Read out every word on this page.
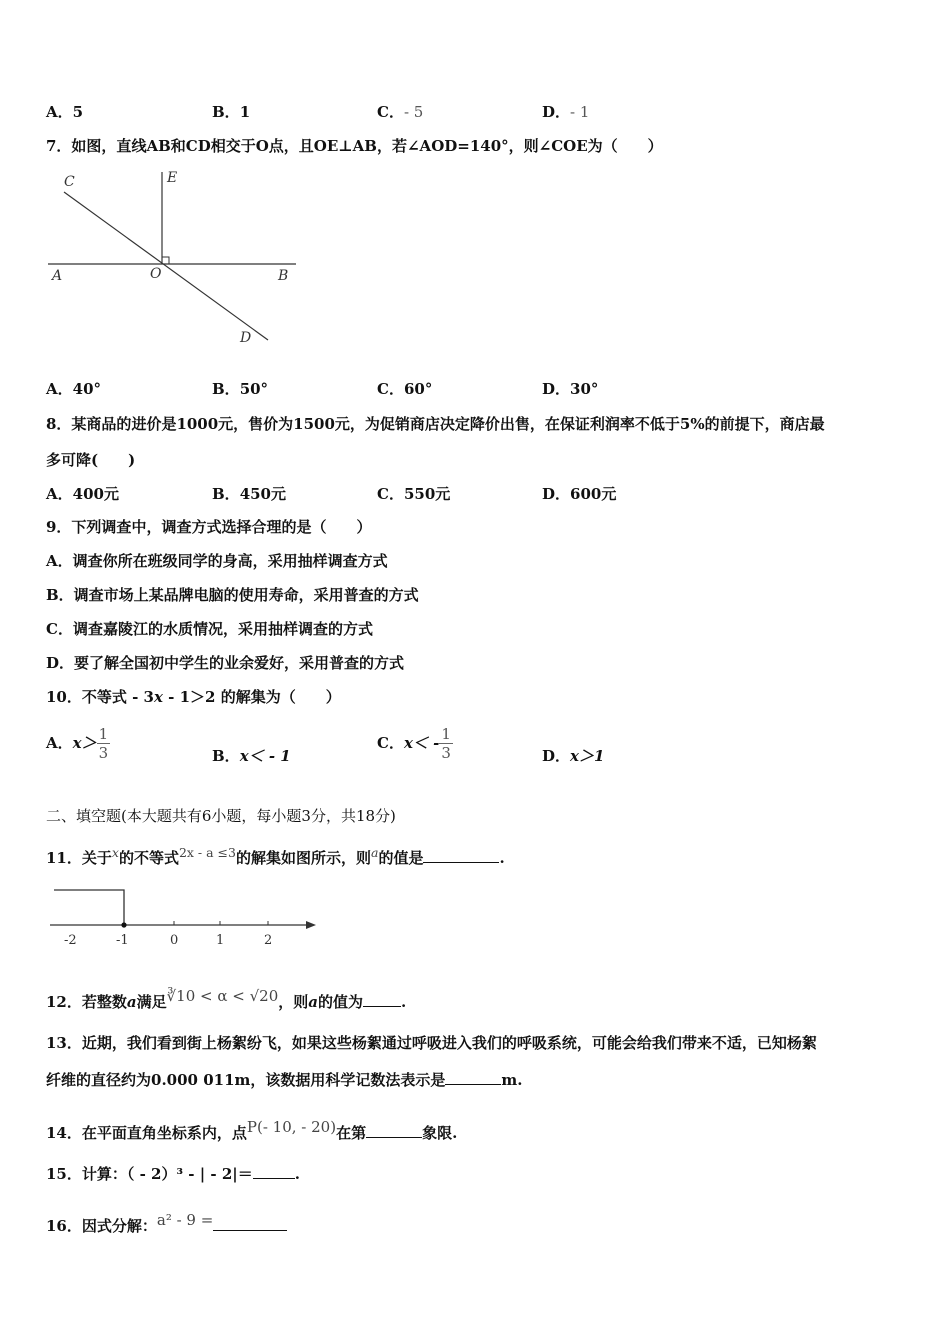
A．5	B．1	C．- 5	D．- 1
7．如图，直线AB和CD相交于O点，且OE⊥AB，若∠AOD=140°，则∠COE为（　　）
C	E
A	O	B
D
A．40°	B．50°	C．60°	D．30°
8．某商品的进价是1000元，售价为1500元，为促销商店决定降价出售，在保证利润率不低于5%的前提下，商店最
多可降(　　)
A．400元	B．450元	C．550元	D．600元
9．下列调查中，调查方式选择合理的是（　　）
A．调查你所在班级同学的身高，采用抽样调查方式
B．调查市场上某品牌电脑的使用寿命，采用普查的方式
C．调查嘉陵江的水质情况，采用抽样调查的方式
D．要了解全国初中学生的业余爱好，采用普查的方式
10．不等式 - 3x - 1＞2 的解集为（　　）
A． $x> \frac{1}{3}$	B．x＜ - 1
C． $x< - \frac{1}{3}$	D．x＞1
二、填空题(本大题共有6小题，每小题3分，共18分)
11．关于$^x$的不等式$^{2x - a \le 3}$的解集如图所示，则$^a$的值是	.
-2	-1	0	1	2
12．若整数a满足$^{∛10 < \alpha < √20}$，则a的值为	.
13．近期，我们看到街上杨絮纷飞，如果这些杨絮通过呼吸进入我们的呼吸系统，可能会给我们带来不适，已知杨絮
纤维的直径约为0.000 011m，该数据用科学记数法表示是	m.
14．在平面直角坐标系内，点$^{P(- 10, - 20)}$在第	象限.
15．计算：（ - 2）³ - | - 2|＝	.
16．因式分解：$^{a^2 - 9 =}$
